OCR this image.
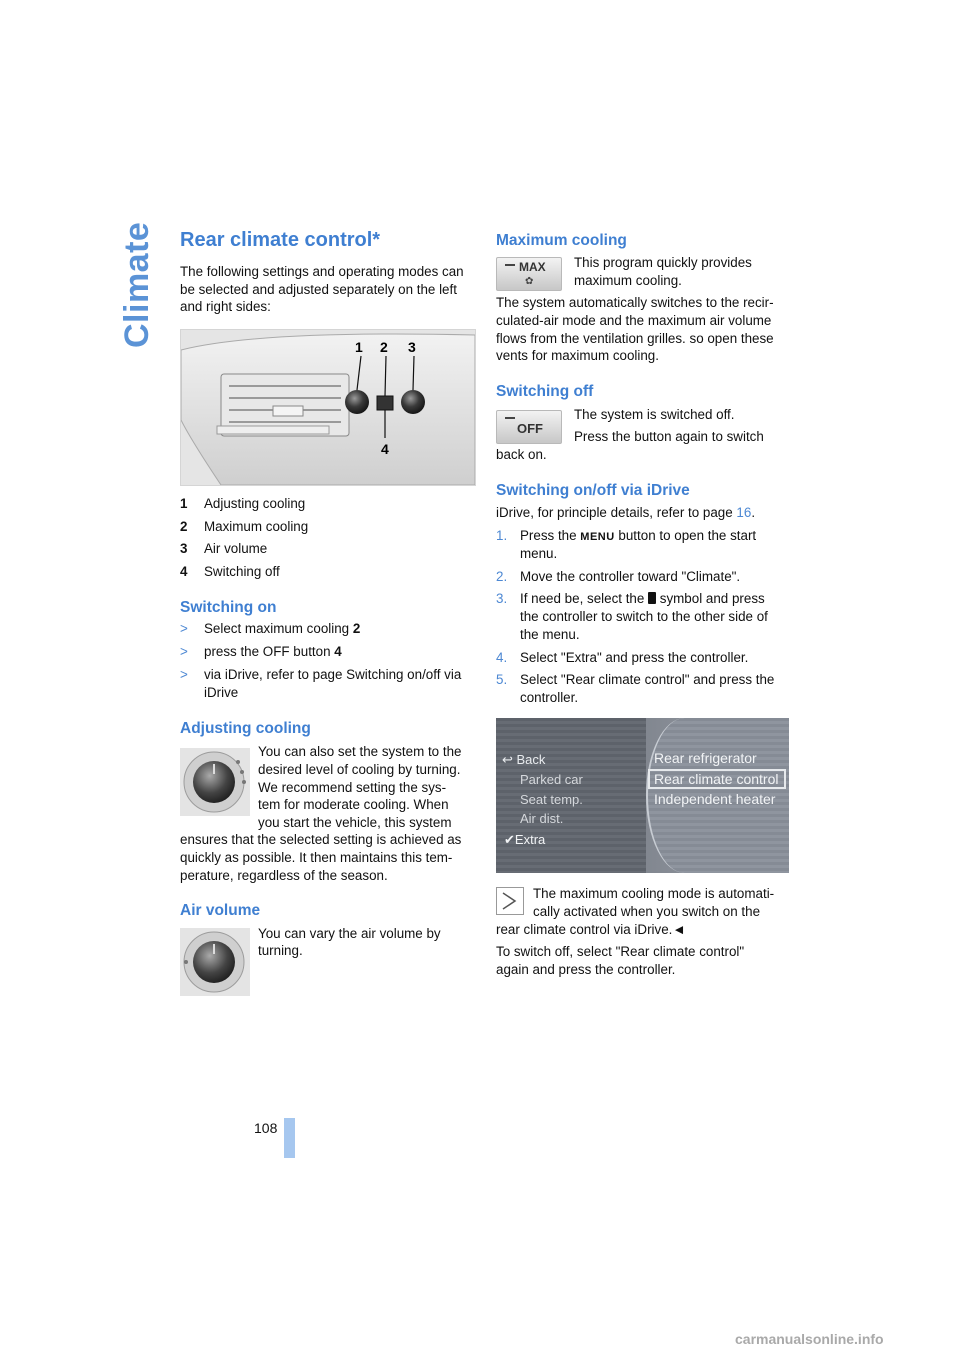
Climate Rear climate control*

The following settings and operating modes can be selected and adjusted separately on the left and right sides:

1 2 3
4
1 Adjusting cooling
2 Maximum cooling
3 Air volume
4 Switching off
Switching on
> Select maximum cooling 2
> press the OFF button 4
> via iDrive, refer to page Switching on/off via
iDrive
Adjusting cooling

You can also set the system to the

desired level of cooling by turning.

We recommend setting the sys-

tem for moderate cooling. When

you start the vehicle, this system

ensures that the selected setting is achieved as

quickly as possible. It then maintains this tem-

perature, regardless of the season.

Air volume

You can vary the air volume by

turning.

Maximum cooling
MAX
✿

This program quickly provides

maximum cooling.

The system automatically switches to the recir-

culated-air mode and the maximum air volume

flows from the ventilation grilles. so open these

vents for maximum cooling.

Switching off
OFF

The system is switched off.

Press the button again to switch

back on.

Switching on/off via iDrive

iDrive, for principle details, refer to page 16.

1. Press the MENU button to open the start
menu.
2. Move the controller toward "Climate".
3. If need be, select the  symbol and press
the controller to switch to the other side of
the menu.
4. Select "Extra" and press the controller.
5. Select "Rear climate control" and press the
controller.
↩ Back
Parked car
Seat temp.
Air dist.
✔Extra
Rear refrigerator
Rear climate control
Independent heater

The maximum cooling mode is automati-

cally activated when you switch on the

rear climate control via iDrive.◄

To switch off, select "Rear climate control"

again and press the controller.

108
carmanualsonline.info
